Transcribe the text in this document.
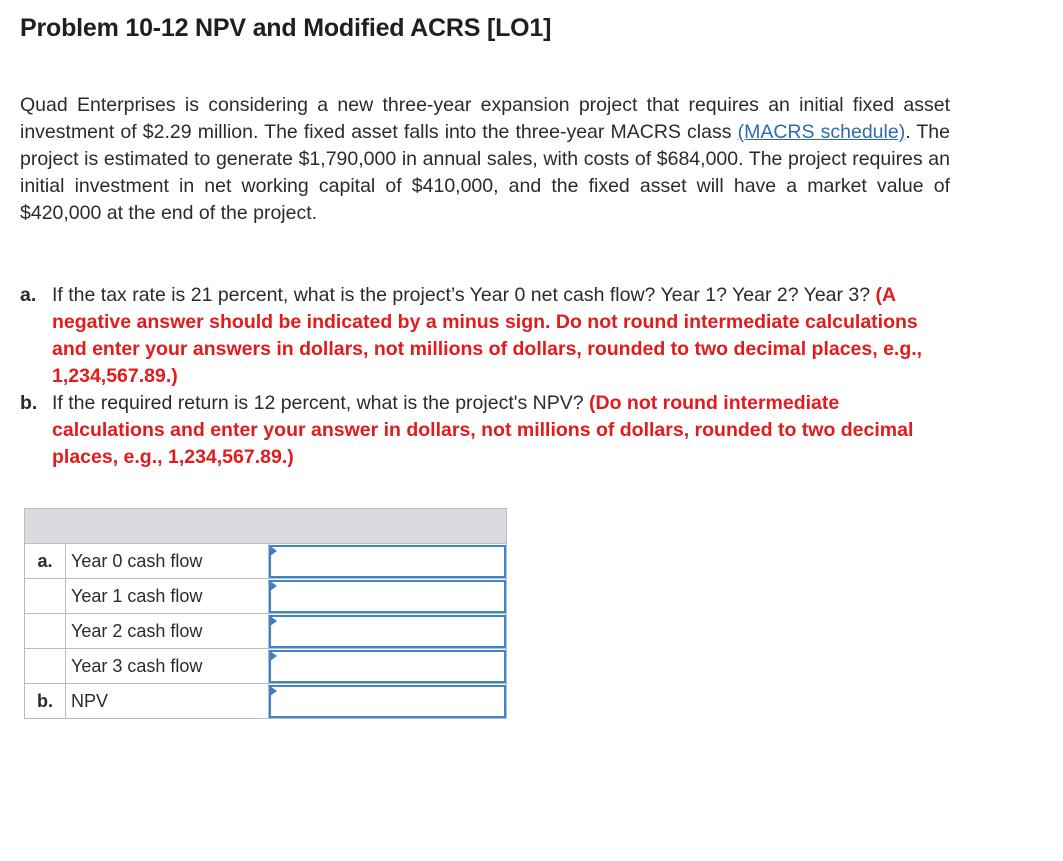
Problem 10-12 NPV and Modified ACRS [LO1]
Quad Enterprises is considering a new three-year expansion project that requires an initial fixed asset investment of $2.29 million. The fixed asset falls into the three-year MACRS class (MACRS schedule). The project is estimated to generate $1,790,000 in annual sales, with costs of $684,000. The project requires an initial investment in net working capital of $410,000, and the fixed asset will have a market value of $420,000 at the end of the project.
a. If the tax rate is 21 percent, what is the project’s Year 0 net cash flow? Year 1? Year 2? Year 3? (A negative answer should be indicated by a minus sign. Do not round intermediate calculations and enter your answers in dollars, not millions of dollars, rounded to two decimal places, e.g., 1,234,567.89.)
b. If the required return is 12 percent, what is the project's NPV? (Do not round intermediate calculations and enter your answer in dollars, not millions of dollars, rounded to two decimal places, e.g., 1,234,567.89.)

a.	Year 0 cash flow	

	Year 1 cash flow	

	Year 2 cash flow	

	Year 3 cash flow	

b.	NPV	
